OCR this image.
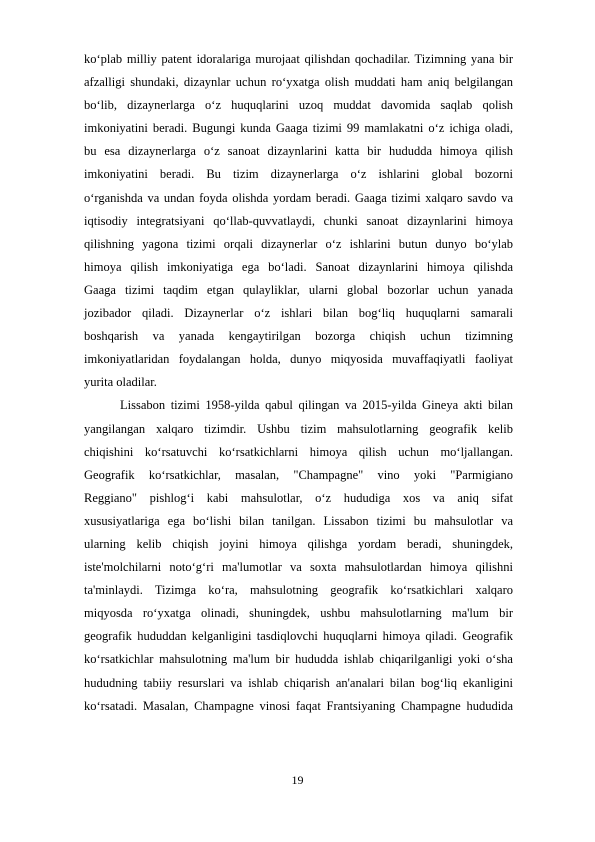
ko‘plab milliy patent idoralariga murojaat qilishdan qochadilar. Tizimning yana bir
afzalligi shundaki, dizaynlar uchun ro‘yxatga olish muddati ham aniq belgilangan
bo‘lib, dizaynerlarga o‘z huquqlarini uzoq muddat davomida saqlab qolish
imkoniyatini beradi. Bugungi kunda Gaaga tizimi 99 mamlakatni o‘z ichiga oladi,
bu esa dizaynerlarga o‘z sanoat dizaynlarini katta bir hududda himoya qilish
imkoniyatini beradi. Bu tizim dizaynerlarga o‘z ishlarini global bozorni
o‘rganishda va undan foyda olishda yordam beradi. Gaaga tizimi xalqaro savdo va
iqtisodiy integratsiyani qo‘llab-quvvatlaydi, chunki sanoat dizaynlarini himoya
qilishning yagona tizimi orqali dizaynerlar o‘z ishlarini butun dunyo bo‘ylab
himoya qilish imkoniyatiga ega bo‘ladi. Sanoat dizaynlarini himoya qilishda
Gaaga tizimi taqdim etgan qulayliklar, ularni global bozorlar uchun yanada
jozibador qiladi. Dizaynerlar o‘z ishlari bilan bog‘liq huquqlarni samarali
boshqarish va yanada kengaytirilgan bozorga chiqish uchun tizimning
imkoniyatlaridan foydalangan holda, dunyo miqyosida muvaffaqiyatli faoliyat
yurita oladilar.
Lissabon tizimi 1958-yilda qabul qilingan va 2015-yilda Gineya akti bilan
yangilangan xalqaro tizimdir. Ushbu tizim mahsulotlarning geografik kelib
chiqishini ko‘rsatuvchi ko‘rsatkichlarni himoya qilish uchun mo‘ljallangan.
Geografik ko‘rsatkichlar, masalan, "Champagne" vino yoki "Parmigiano
Reggiano" pishlog‘i kabi mahsulotlar, o‘z hududiga xos va aniq sifat
xususiyatlariga ega bo‘lishi bilan tanilgan. Lissabon tizimi bu mahsulotlar va
ularning kelib chiqish joyini himoya qilishga yordam beradi, shuningdek,
iste'molchilarni noto‘g‘ri ma'lumotlar va soxta mahsulotlardan himoya qilishni
ta'minlaydi. Tizimga ko‘ra, mahsulotning geografik ko‘rsatkichlari xalqaro
miqyosda ro‘yxatga olinadi, shuningdek, ushbu mahsulotlarning ma'lum bir
geografik hududdan kelganligini tasdiqlovchi huquqlarni himoya qiladi. Geografik
ko‘rsatkichlar mahsulotning ma'lum bir hududda ishlab chiqarilganligi yoki o‘sha
hududning tabiiy resurslari va ishlab chiqarish an'analari bilan bog‘liq ekanligini
ko‘rsatadi. Masalan, Champagne vinosi faqat Frantsiyaning Champagne hududida
19
